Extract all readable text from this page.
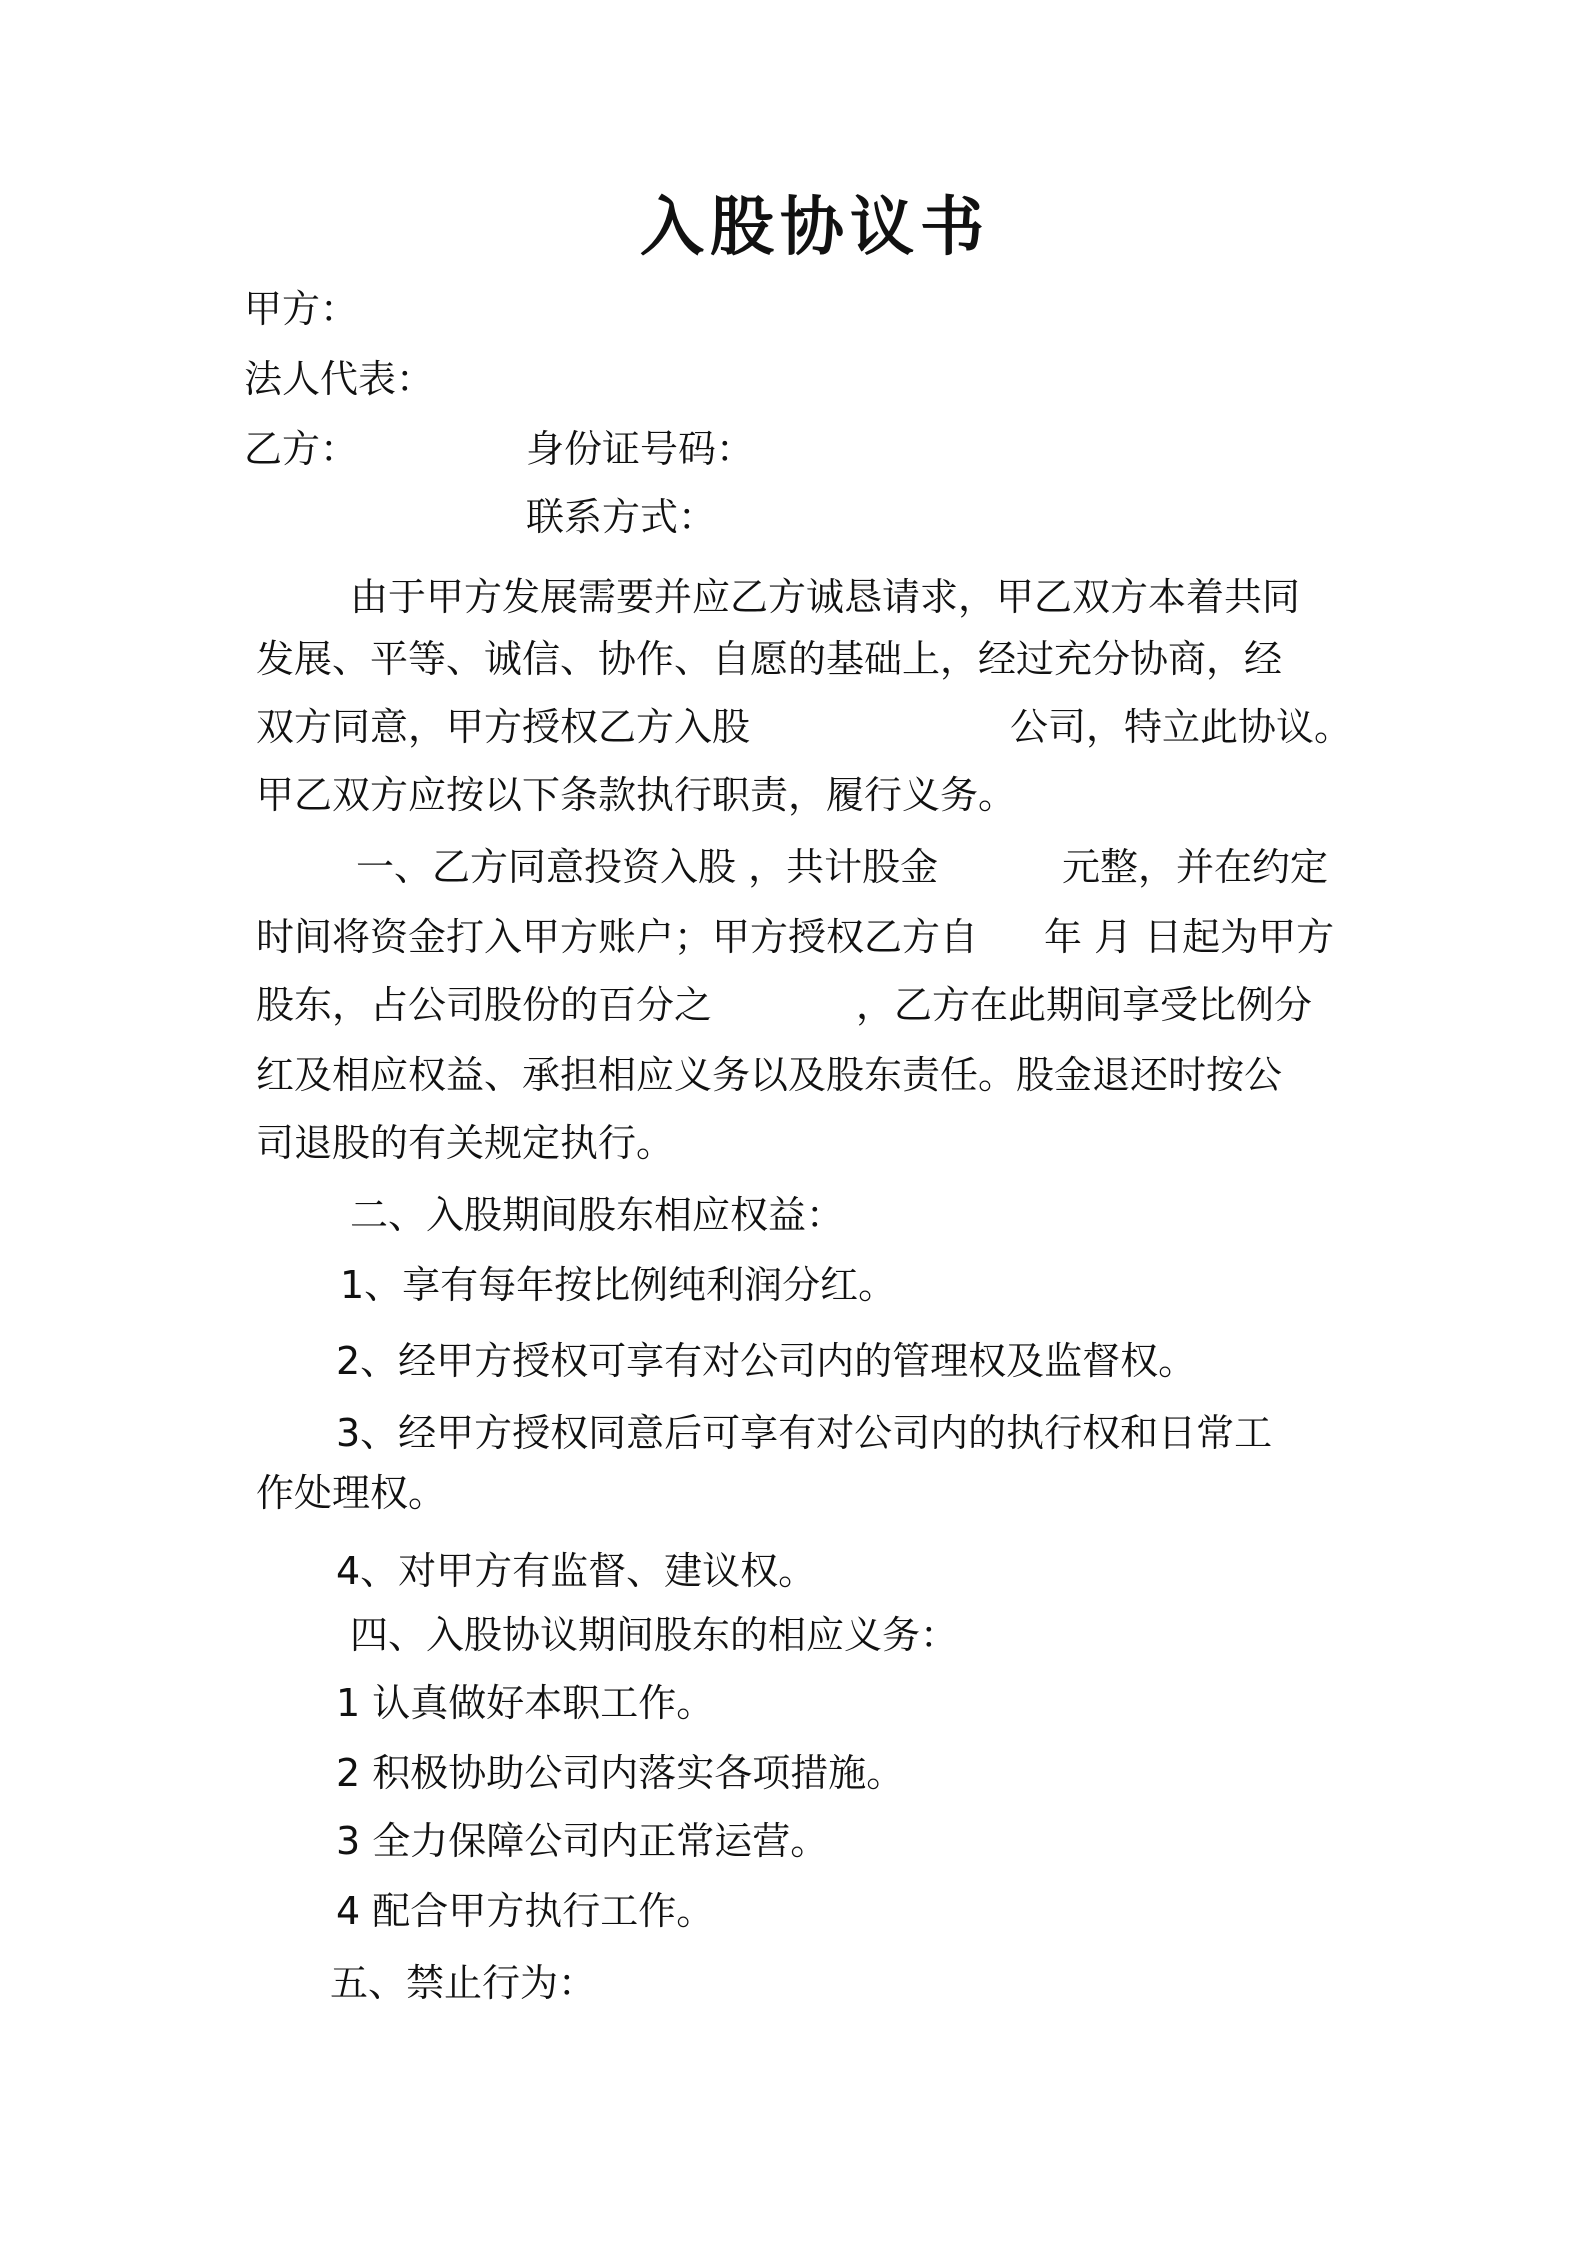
入股协议书
甲方：
法人代表：
乙方：	身份证号码：
联系方式：
由于甲方发展需要并应乙方诚恳请求，甲乙双方本着共同
发展、平等、诚信、协作、自愿的基础上，经过充分协商，经
双方同意，甲方授权乙方入股	公司，特立此协议。
甲乙双方应按以下条款执行职责，履行义务。
一、乙方同意投资入股 ，共计股金	元整，并在约定
时间将资金打入甲方账户；甲方授权乙方自 年 月 日起为甲方
股东，占公司股份的百分之	，乙方在此期间享受比例分
红及相应权益、承担相应义务以及股东责任。股金退还时按公
司退股的有关规定执行。
二、入股期间股东相应权益：
1、享有每年按比例纯利润分红。
2、经甲方授权可享有对公司内的管理权及监督权。
3、经甲方授权同意后可享有对公司内的执行权和日常工
作处理权。
4、对甲方有监督、建议权。
四、入股协议期间股东的相应义务：
1 认真做好本职工作。
2 积极协助公司内落实各项措施。
3 全力保障公司内正常运营。
4 配合甲方执行工作。
五、禁止行为：
